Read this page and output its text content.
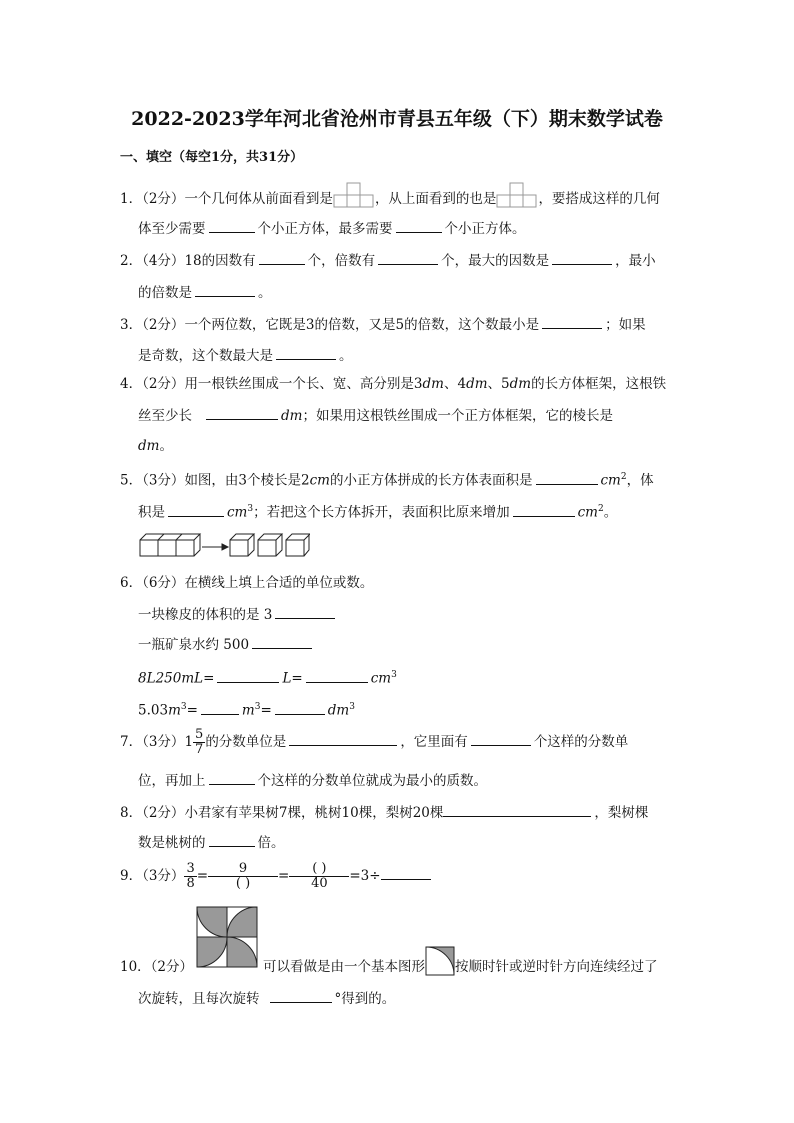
2022-2023学年河北省沧州市青县五年级（下）期末数学试卷
一、填空（每空1分，共31分）
1．（2分）一个几何体从前面看到是	，从上面看到的也是	，要搭成这样的几何
体至少需要	个小正方体，最多需要	个小正方体。
2．（4分）18的因数有	个，倍数有	个，最大的因数是	，最小
的倍数是	。
3．（2分）一个两位数，它既是3的倍数，又是5的倍数，这个数最小是	；如果
是奇数，这个数最大是	。
4．（2分）用一根铁丝围成一个长、宽、高分别是3dm、4dm、5dm的长方体框架，这根铁
丝至少长	dm；如果用这根铁丝围成一个正方体框架，它的棱长是
dm。
5．（3分）如图，由3个棱长是2cm的小正方体拼成的长方体表面积是	$cm^2$，体
积是	$cm^3$；若把这个长方体拆开，表面积比原来增加	$cm^2$。
6．（6分）在横线上填上合适的单位或数。
一块橡皮的体积的是 3
一瓶矿泉水约 500
8L250mL=	L=	$cm^3$
$5.03m^3=$	$m^3=$	$dm^3$
7．（3分）$1 \frac{5}{7}$ 的分数单位是	，它里面有	个这样的分数单
位，再加上	个这样的分数单位就成为最小的质数。
8．（2分）小君家有苹果树7棵，桃树10棵，梨树20棵	，梨树棵
数是桃树的	倍。
9．（3分） $\frac{3}{8} = \frac{9}{( )} = \frac{( )}{40} =3\div$
10．（2分）	可以看做是由一个基本图形 按顺时针或逆时针方向连续经过了
次旋转，且每次旋转	°得到的。
